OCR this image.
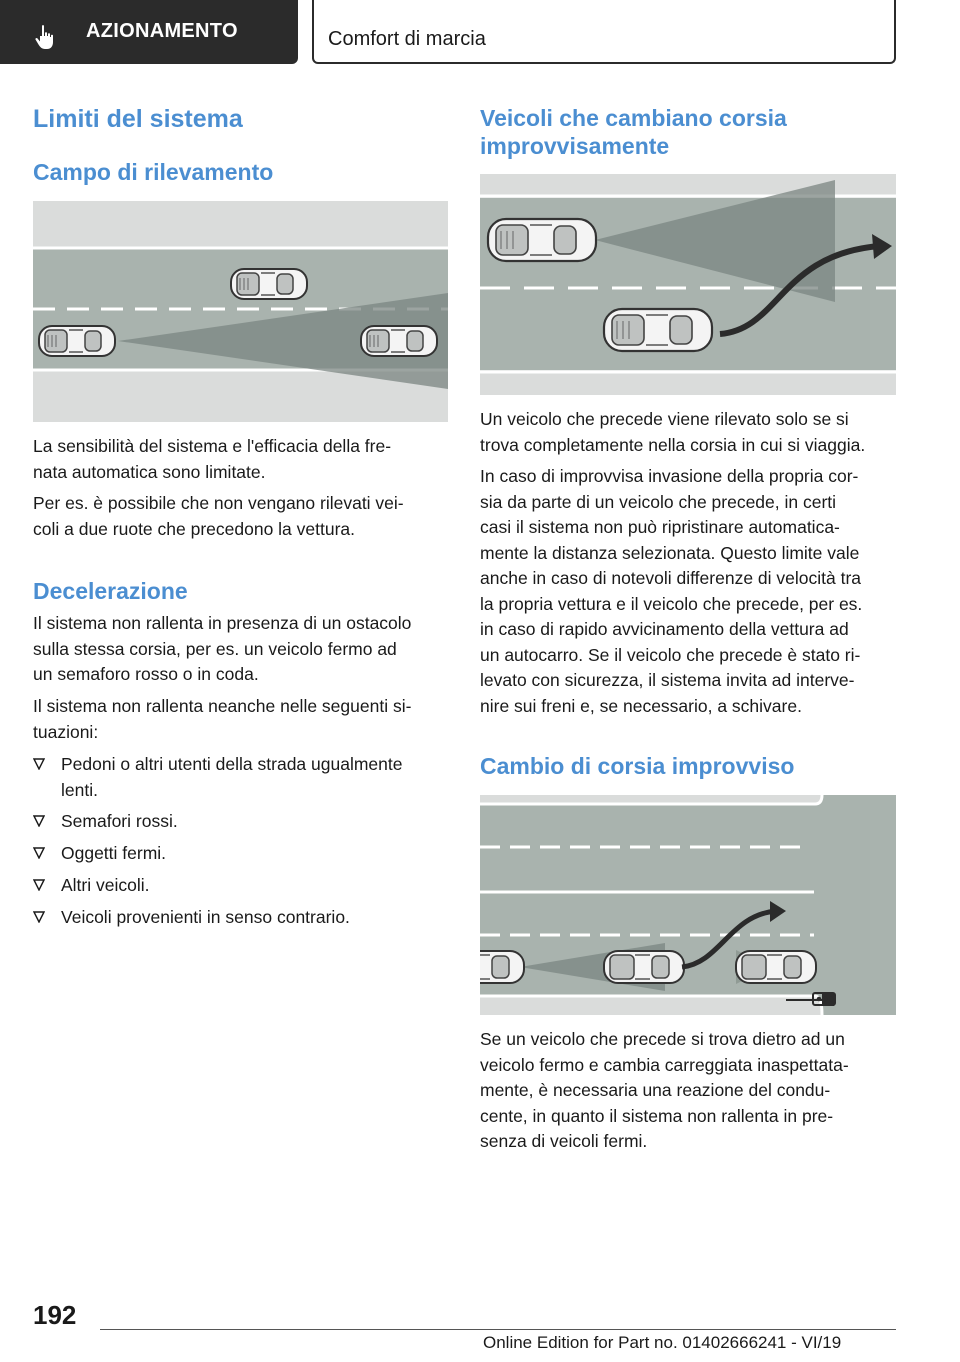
AZIONAMENTO	Comfort di marcia
Limiti del sistema
Campo di rilevamento

La sensibilità del sistema e l'efficacia della fre-
nata automatica sono limitate.

Per es. è possibile che non vengano rilevati vei-
coli a due ruote che precedono la vettura.

Decelerazione

Il sistema non rallenta in presenza di un ostacolo
sulla stessa corsia, per es. un veicolo fermo ad
un semaforo rosso o in coda.

Il sistema non rallenta neanche nelle seguenti si-
tuazioni:

Pedoni o altri utenti della strada ugualmente
lenti.
Semafori rossi.
Oggetti fermi.
Altri veicoli.
Veicoli provenienti in senso contrario.
Veicoli che cambiano corsia
improvvisamente

Un veicolo che precede viene rilevato solo se si
trova completamente nella corsia in cui si viaggia.

In caso di improvvisa invasione della propria cor-
sia da parte di un veicolo che precede, in certi
casi il sistema non può ripristinare automatica-
mente la distanza selezionata. Questo limite vale
anche in caso di notevoli differenze di velocità tra
la propria vettura e il veicolo che precede, per es.
in caso di rapido avvicinamento della vettura ad
un autocarro. Se il veicolo che precede è stato ri-
levato con sicurezza, il sistema invita ad interve-
nire sui freni e, se necessario, a schivare.

Cambio di corsia improvviso

Se un veicolo che precede si trova dietro ad un
veicolo fermo e cambia carreggiata inaspettata-
mente, è necessaria una reazione del condu-
cente, in quanto il sistema non rallenta in pre-
senza di veicoli fermi.

192
Online Edition for Part no. 01402666241 - VI/19
